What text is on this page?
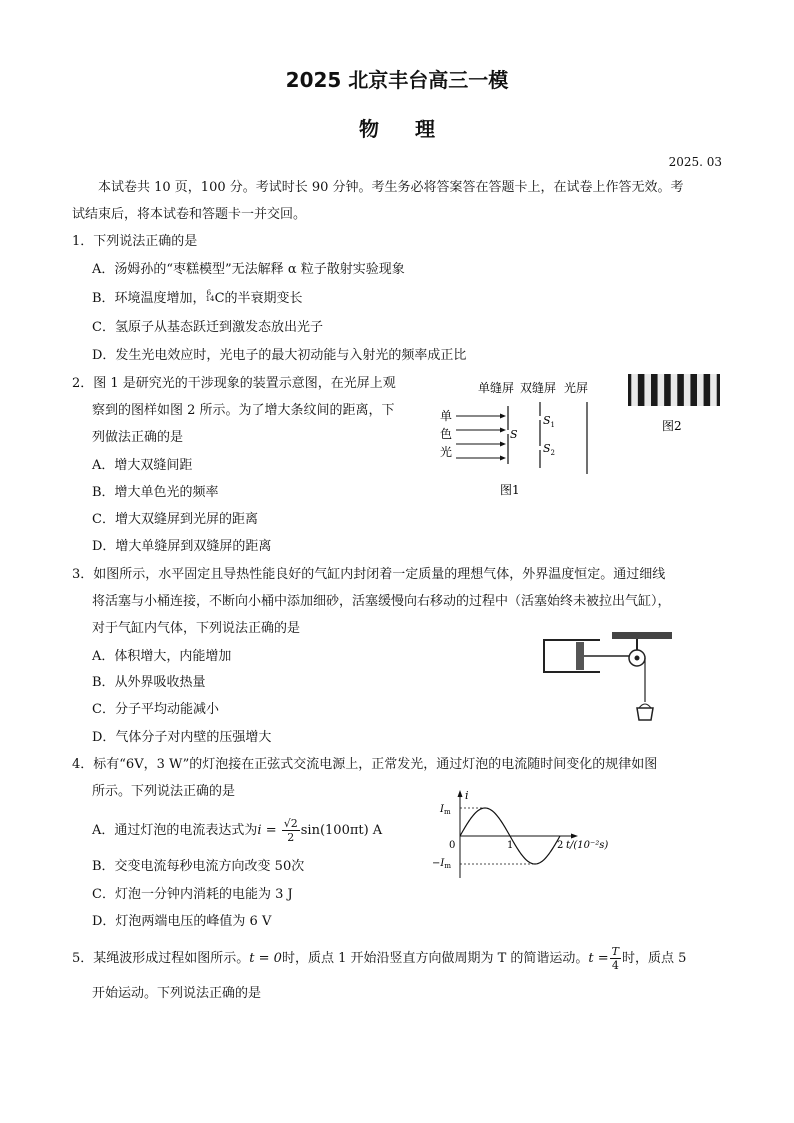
2025 北京丰台高三一模
物理
2025. 03
本试卷共 10 页，100 分。考试时长 90 分钟。考生务必将答案答在答题卡上，在试卷上作答无效。考
试结束后，将本试卷和答题卡一并交回。
1．下列说法正确的是
A．汤姆孙的“枣糕模型”无法解释 α 粒子散射实验现象
B．环境温度增加， 14
6 C的半衰期变长
C．氢原子从基态跃迁到激发态放出光子
D．发生光电效应时，光电子的最大初动能与入射光的频率成正比
2．图 1 是研究光的干涉现象的装置示意图，在光屏上观
察到的图样如图 2 所示。为了增大条纹间的距离，下
列做法正确的是
A．增大双缝间距
B．增大单色光的频率
C．增大双缝屏到光屏的距离
D．增大单缝屏到双缝屏的距离
单缝屏 双缝屏 光屏
单
色
光
S
$S_1$
$S_2$
图1
图2
3．如图所示，水平固定且导热性能良好的气缸内封闭着一定质量的理想气体，外界温度恒定。通过细线
将活塞与小桶连接，不断向小桶中添加细砂，活塞缓慢向右移动的过程中（活塞始终未被拉出气缸），
对于气缸内气体，下列说法正确的是
A．体积增大，内能增加
B．从外界吸收热量
C．分子平均动能减小
D．气体分子对内壁的压强增大
4．标有“6V，3 W”的灯泡接在正弦式交流电源上，正常发光，通过灯泡的电流随时间变化的规律如图
所示。下列说法正确的是
A．通过灯泡的电流表达式为$i = \frac{√2}{2} \sin(100\pi t)$ A
B．交变电流每秒电流方向改变 50次
C．灯泡一分钟内消耗的电能为 3 J
D．灯泡两端电压的峰值为 6 V
i
0
$I_m$
$-I_m$
1	2 t/(10⁻²s)
5．某绳波形成过程如图所示。t = 0时，质点 1 开始沿竖直方向做周期为 T 的简谐运动。$t = \frac{T}{4}$ 时，质点 5
开始运动。下列说法正确的是
